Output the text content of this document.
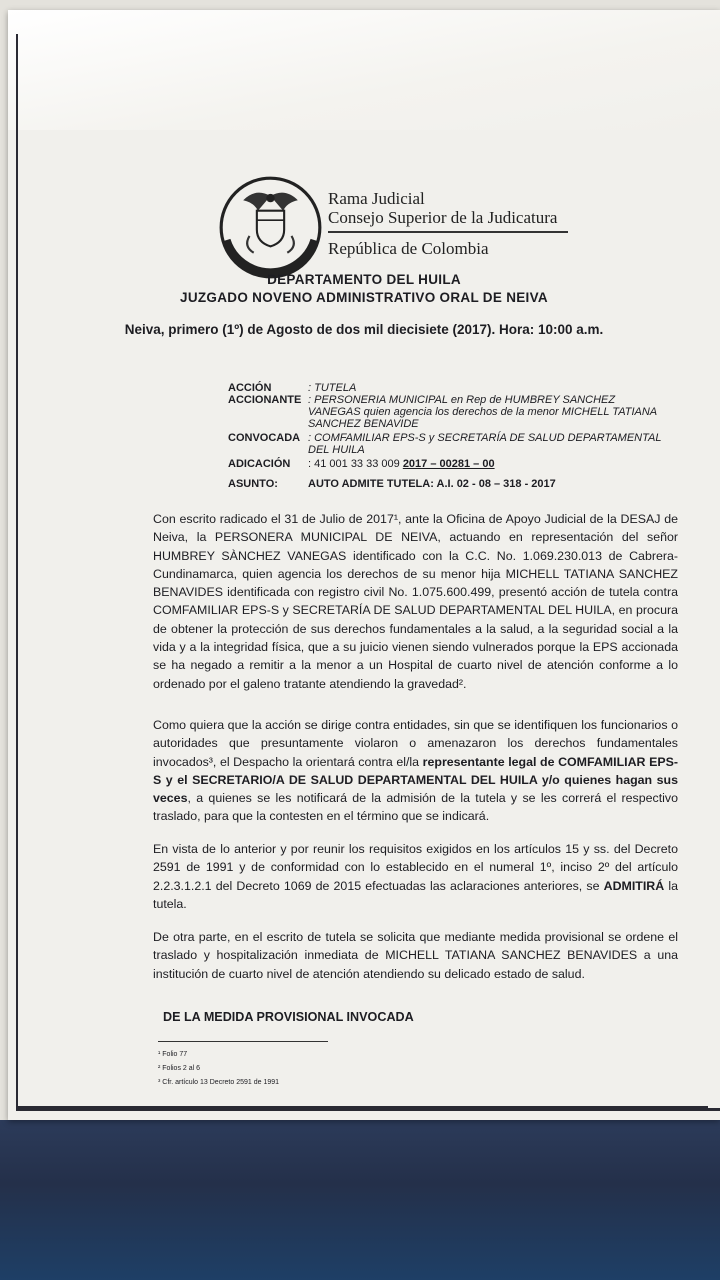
Rama Judicial
Consejo Superior de la Judicatura
República de Colombia
DEPARTAMENTO DEL HUILA
JUZGADO NOVENO ADMINISTRATIVO ORAL DE NEIVA
Neiva, primero (1º) de Agosto de dos mil diecisiete (2017). Hora: 10:00 a.m.
ACCIÓN	: TUTELA
ACCIONANTE : PERSONERIA MUNICIPAL en Rep de HUMBREY SANCHEZ VANEGAS quien agencia los derechos de la menor MICHELL TATIANA SANCHEZ BENAVIDE
CONVOCADA : COMFAMILIAR EPS-S y SECRETARÍA DE SALUD DEPARTAMENTAL DEL HUILA
ADICACIÓN	: 41 001 33 33 009 2017 – 00281 – 00
ASUNTO:	AUTO ADMITE TUTELA: A.I. 02 - 08 – 318 - 2017
Con escrito radicado el 31 de Julio de 2017¹, ante la Oficina de Apoyo Judicial de la DESAJ de Neiva, la PERSONERA MUNICIPAL DE NEIVA, actuando en representación del señor HUMBREY SÀNCHEZ VANEGAS identificado con la C.C. No. 1.069.230.013 de Cabrera-Cundinamarca, quien agencia los derechos de su menor hija MICHELL TATIANA SANCHEZ BENAVIDES identificada con registro civil No. 1.075.600.499, presentó acción de tutela contra COMFAMILIAR EPS-S y SECRETARÍA DE SALUD DEPARTAMENTAL DEL HUILA, en procura de obtener la protección de sus derechos fundamentales a la salud, a la seguridad social a la vida y a la integridad física, que a su juicio vienen siendo vulnerados porque la EPS accionada se ha negado a remitir a la menor a un Hospital de cuarto nivel de atención conforme a lo ordenado por el galeno tratante atendiendo la gravedad².
Como quiera que la acción se dirige contra entidades, sin que se identifiquen los funcionarios o autoridades que presuntamente violaron o amenazaron los derechos fundamentales invocados³, el Despacho la orientará contra el/la representante legal de COMFAMILIAR EPS-S y el SECRETARIO/A DE SALUD DEPARTAMENTAL DEL HUILA y/o quienes hagan sus veces, a quienes se les notificará de la admisión de la tutela y se les correrá el respectivo traslado, para que la contesten en el término que se indicará.
En vista de lo anterior y por reunir los requisitos exigidos en los artículos 15 y ss. del Decreto 2591 de 1991 y de conformidad con lo establecido en el numeral 1º, inciso 2º del artículo 2.2.3.1.2.1 del Decreto 1069 de 2015 efectuadas las aclaraciones anteriores, se ADMITIRÁ la tutela.
De otra parte, en el escrito de tutela se solicita que mediante medida provisional se ordene el traslado y hospitalización inmediata de MICHELL TATIANA SANCHEZ BENAVIDES a una institución de cuarto nivel de atención atendiendo su delicado estado de salud.
DE LA MEDIDA PROVISIONAL INVOCADA
¹ Folio 77
² Folios 2 al 6
³ Cfr. artículo 13 Decreto 2591 de 1991
